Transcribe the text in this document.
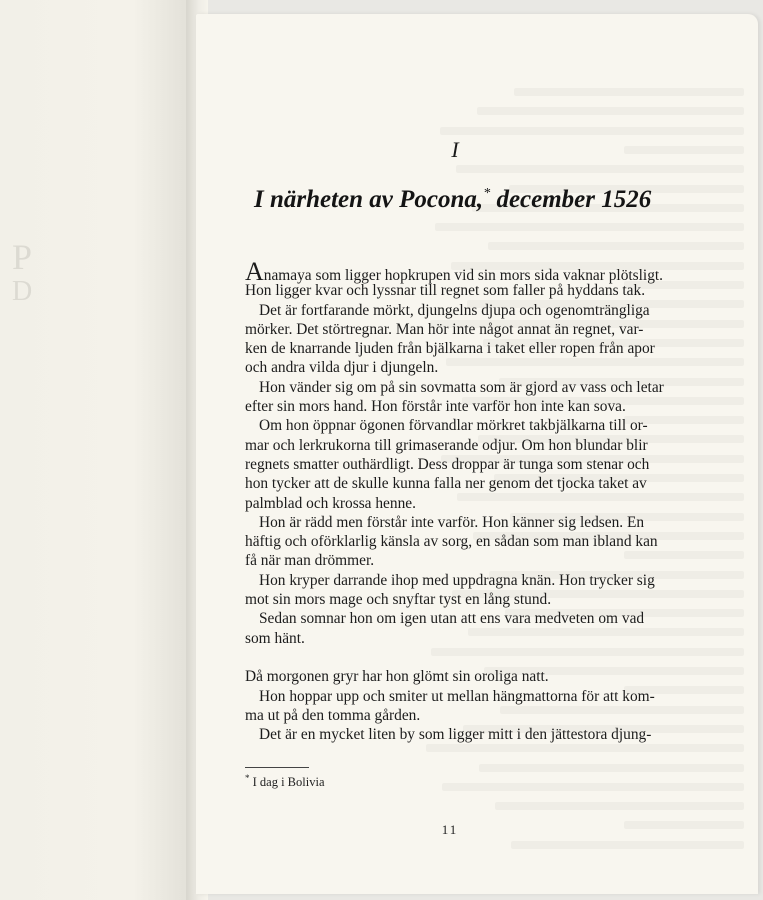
P
D
I
I närheten av Pocona,* december 1526
Anamaya som ligger hopkrupen vid sin mors sida vaknar plötsligt.
Hon ligger kvar och lyssnar till regnet som faller på hyddans tak.
Det är fortfarande mörkt, djungelns djupa och ogenomträngliga
mörker. Det störtregnar. Man hör inte något annat än regnet, var-
ken de knarrande ljuden från bjälkarna i taket eller ropen från apor
och andra vilda djur i djungeln.
Hon vänder sig om på sin sovmatta som är gjord av vass och letar
efter sin mors hand. Hon förstår inte varför hon inte kan sova.
Om hon öppnar ögonen förvandlar mörkret takbjälkarna till or-
mar och lerkrukorna till grimaserande odjur. Om hon blundar blir
regnets smatter outhärdligt. Dess droppar är tunga som stenar och
hon tycker att de skulle kunna falla ner genom det tjocka taket av
palmblad och krossa henne.
Hon är rädd men förstår inte varför. Hon känner sig ledsen. En
häftig och oförklarlig känsla av sorg, en sådan som man ibland kan
få när man drömmer.
Hon kryper darrande ihop med uppdragna knän. Hon trycker sig
mot sin mors mage och snyftar tyst en lång stund.
Sedan somnar hon om igen utan att ens vara medveten om vad
som hänt.
Då morgonen gryr har hon glömt sin oroliga natt.
Hon hoppar upp och smiter ut mellan hängmattorna för att kom-
ma ut på den tomma gården.
Det är en mycket liten by som ligger mitt i den jättestora djung-
* I dag i Bolivia
11
